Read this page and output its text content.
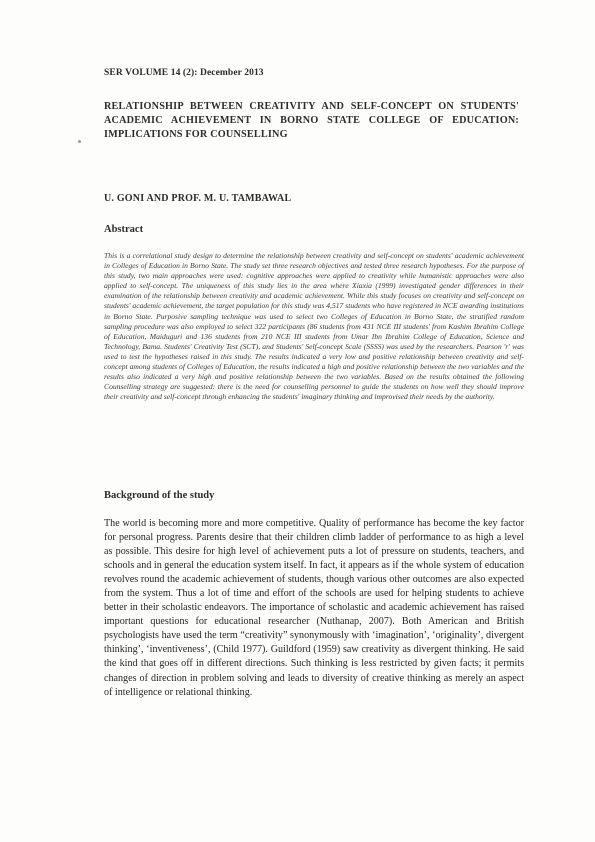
SER VOLUME 14 (2): December 2013
RELATIONSHIP BETWEEN CREATIVITY AND SELF-CONCEPT ON STUDENTS' ACADEMIC ACHIEVEMENT IN BORNO STATE COLLEGE OF EDUCATION: IMPLICATIONS FOR COUNSELLING
U. GONI AND PROF. M. U. TAMBAWAL
Abstract
This is a correlational study design to determine the relationship between creativity and self-concept on students' academic achievement in Colleges of Education in Borno State. The study set three research objectives and tested three research hypotheses. For the purpose of this study, two main approaches were used: cognitive approaches were applied to creativity while humanistic approaches were also applied to self-concept. The uniqueness of this study lies in the area where Xiaxia (1999) investigated gender differences in their examination of the relationship between creativity and academic achievement. While this study focuses on creativity and self-concept on students' academic achievement, the target population for this study was 4,517 students who have registered in NCE awarding institutions in Borno State. Purposive sampling technique was used to select two Colleges of Education in Borno State, the stratified random sampling procedure was also employed to select 322 participants (86 students from 431 NCE III students' from Kashim Ibrahim College of Education, Maiduguri and 136 students from 210 NCE III students from Umar Ibn Ibrahim College of Education, Science and Technology, Bama. Students' Creativity Test (SCT), and Students' Self-concept Scale (SSSS) was used by the researchers. Pearson 'r' was used to test the hypotheses raised in this study. The results indicated a very low and positive relationship between creativity and self-concept among students of Colleges of Education, the results indicated a high and positive relationship between the two variables and the results also indicated a very high and positive relationship between the two variables. Based on the results obtained the following Counselling strategy are suggested: there is the need for counselling personnel to guide the students on how well they should improve their creativity and self-concept through enhancing the students' imaginary thinking and improvised their needs by the authority.
Background of the study

The world is becoming more and more competitive. Quality of performance has become the key factor for personal progress. Parents desire that their children climb ladder of performance to as high a level as possible. This desire for high level of achievement puts a lot of pressure on students, teachers, and schools and in general the education system itself. In fact, it appears as if the whole system of education revolves round the academic achievement of students, though various other outcomes are also expected from the system. Thus a lot of time and effort of the schools are used for helping students to achieve better in their scholastic endeavors. The importance of scholastic and academic achievement has raised important questions for educational researcher (Nuthanap, 2007). Both American and British psychologists have used the term “creativity” synonymously with ‘imagination’, ‘originality’, divergent thinking’, ‘inventiveness’, (Child 1977). Guildford (1959) saw creativity as divergent thinking. He said the kind that goes off in different directions. Such thinking is less restricted by given facts; it permits changes of direction in problem solving and leads to diversity of creative thinking as merely an aspect of intelligence or relational thinking.
